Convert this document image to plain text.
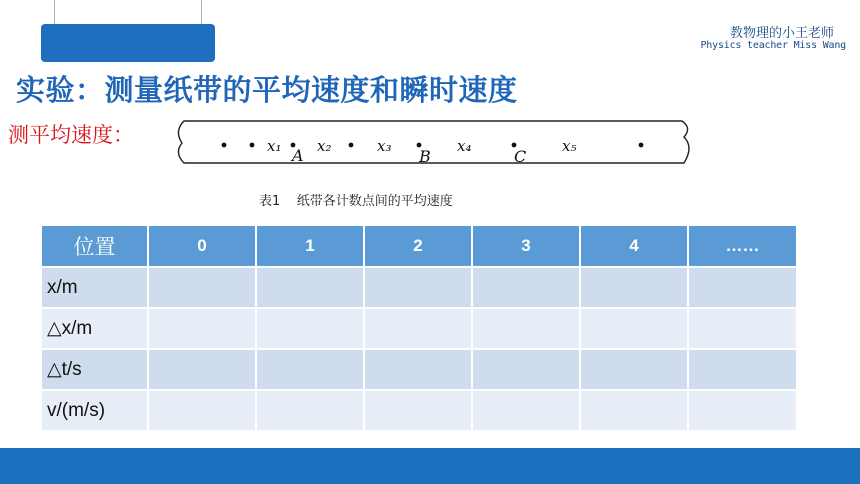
教物理的小王老师
Physics teacher Miss Wang
实验：测量纸带的平均速度和瞬时速度
测平均速度：	x₁ x₂	x₃	x₄	x₅
A	B	C
表1    纸带各计数点间的平均速度
位置	0	1	2	3	4	……
x/m						
△x/m						
△t/s						
v/(m/s)						
